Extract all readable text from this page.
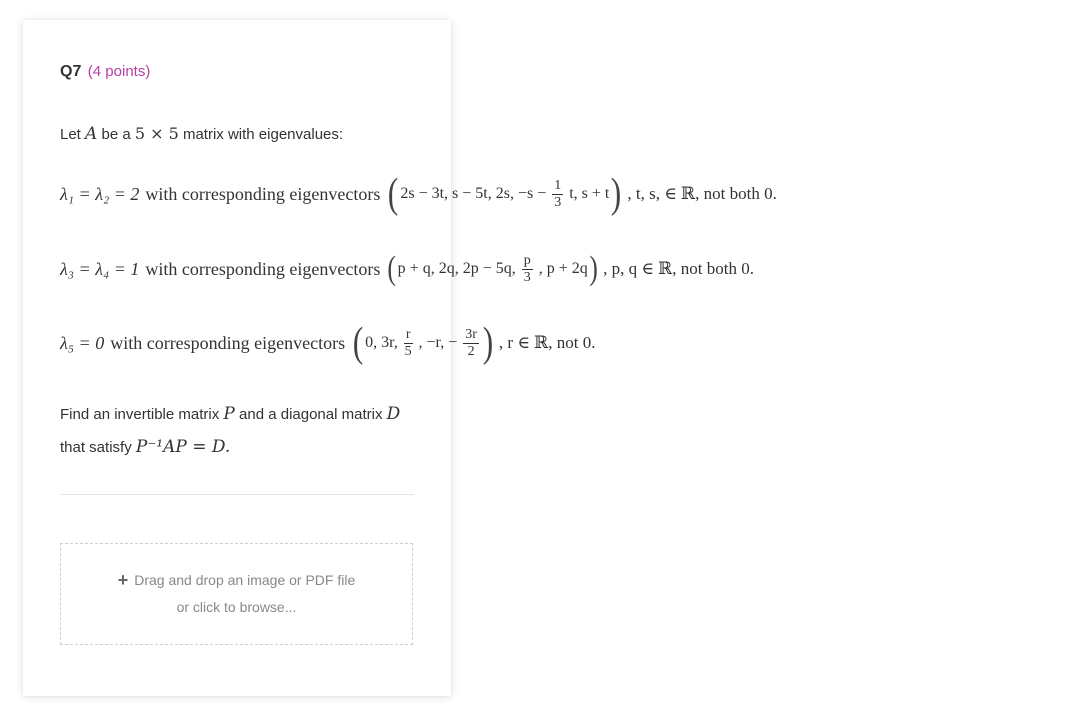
Q7 (4 points)
Let A be a 5 × 5 matrix with eigenvalues:
λ₁ = λ₂ = 2 with corresponding eigenvectors ( 2s − 3t, s − 5t, 2s, $-s - \frac{1}{3} t$, s + t ) , t, s, ∈ ℝ, not both 0.
λ₃ = λ₄ = 1 with corresponding eigenvectors ( p + q, 2q, 2p − 5q, $\frac{p}{3}$ , p + 2q ) , p, q ∈ ℝ, not both 0.
λ₅ = 0 with corresponding eigenvectors ( 0, 3r, $\frac{r}{5}$ , −r, − $\frac{3r}{2}$ ) , r ∈ ℝ, not 0.
Find an invertible matrix P and a diagonal matrix D that satisfy P⁻¹AP = D.
+ Drag and drop an image or PDF file
or click to browse...
